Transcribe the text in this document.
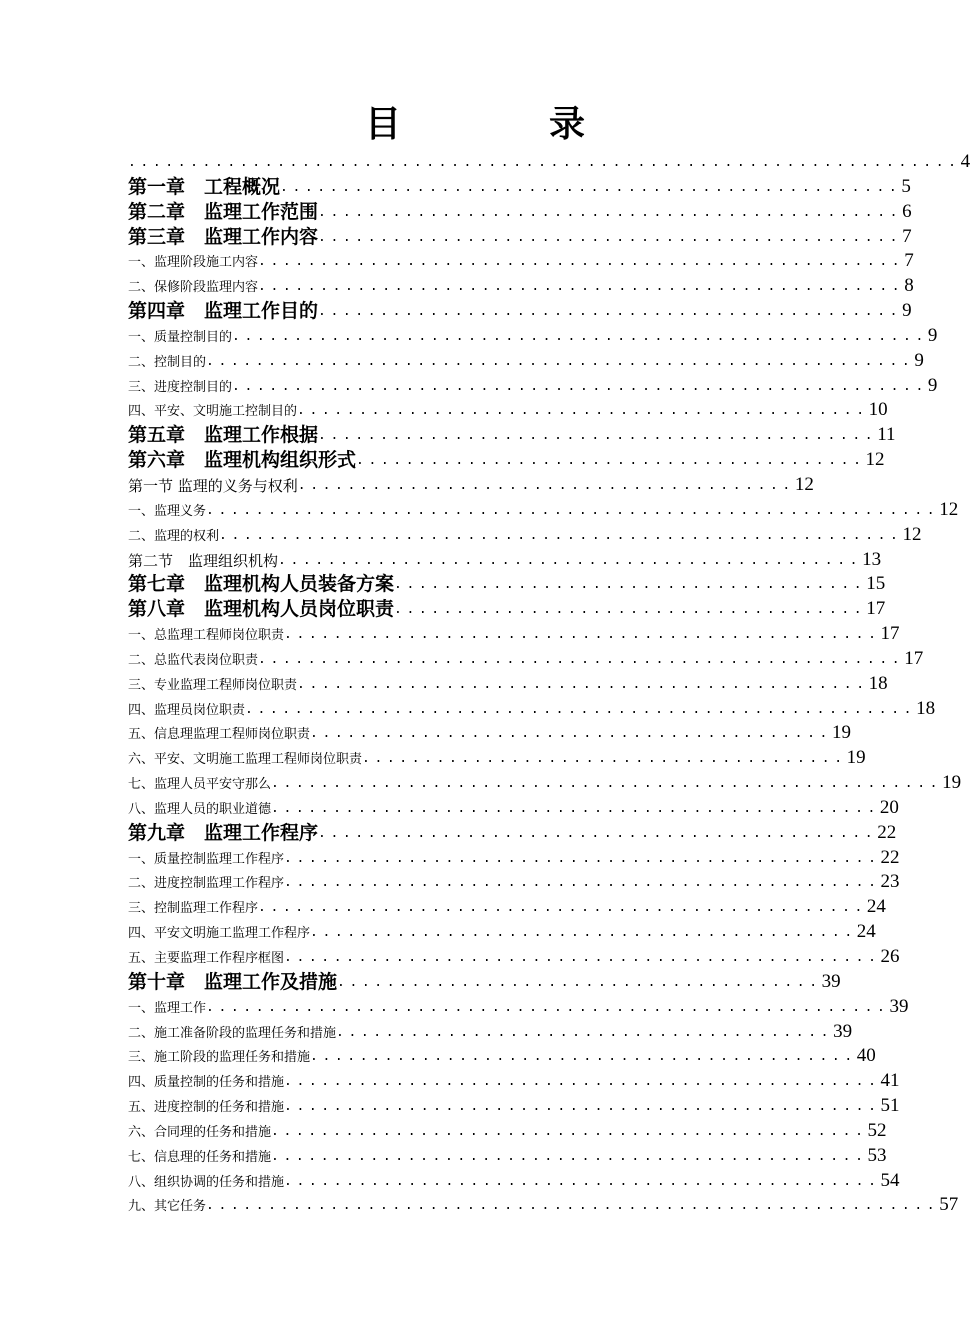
目　录
...................................................................4
第一章　工程概况..................................................5
第二章　监理工作范围...............................................6
第三章　监理工作内容...............................................7
一、监理阶段施工内容....................................................7
二、保修阶段监理内容....................................................8
第四章　监理工作目的...............................................9
一、质量控制目的........................................................9
二、控制目的.........................................................9
三、进度控制目的........................................................9
四、平安、文明施工控制目的..............................................10
第五章　监理工作根据.............................................11
第六章　监理机构组织形式.........................................12
第一节 监理的义务与权利........................................12
一、监理义务...........................................................12
二、监理的权利.......................................................12
第二节　监理组织机构...............................................13
第七章　监理机构人员装备方案......................................15
第八章　监理机构人员岗位职责......................................17
一、总监理工程师岗位职责................................................17
二、总监代表岗位职责....................................................17
三、专业监理工程师岗位职责..............................................18
四、监理员岗位职责......................................................18
五、信息理监理工程师岗位职责..........................................19
六、平安、文明施工监理工程师岗位职责.......................................19
七、监理人员平安守那么......................................................19
八、监理人员的职业道德.................................................20
第九章　监理工作程序.............................................22
一、质量控制监理工作程序................................................22
二、进度控制监理工作程序................................................23
三、控制监理工作程序.................................................24
四、平安文明施工监理工作程序............................................24
五、主要监理工作程序框图................................................26
第十章　监理工作及措施.......................................39
一、监理工作.......................................................39
二、施工准备阶段的监理任务和措施........................................39
三、施工阶段的监理任务和措施............................................40
四、质量控制的任务和措施................................................41
五、进度控制的任务和措施................................................51
六、合同理的任务和措施................................................52
七、信息理的任务和措施................................................53
八、组织协调的任务和措施................................................54
九、其它任务...........................................................57
